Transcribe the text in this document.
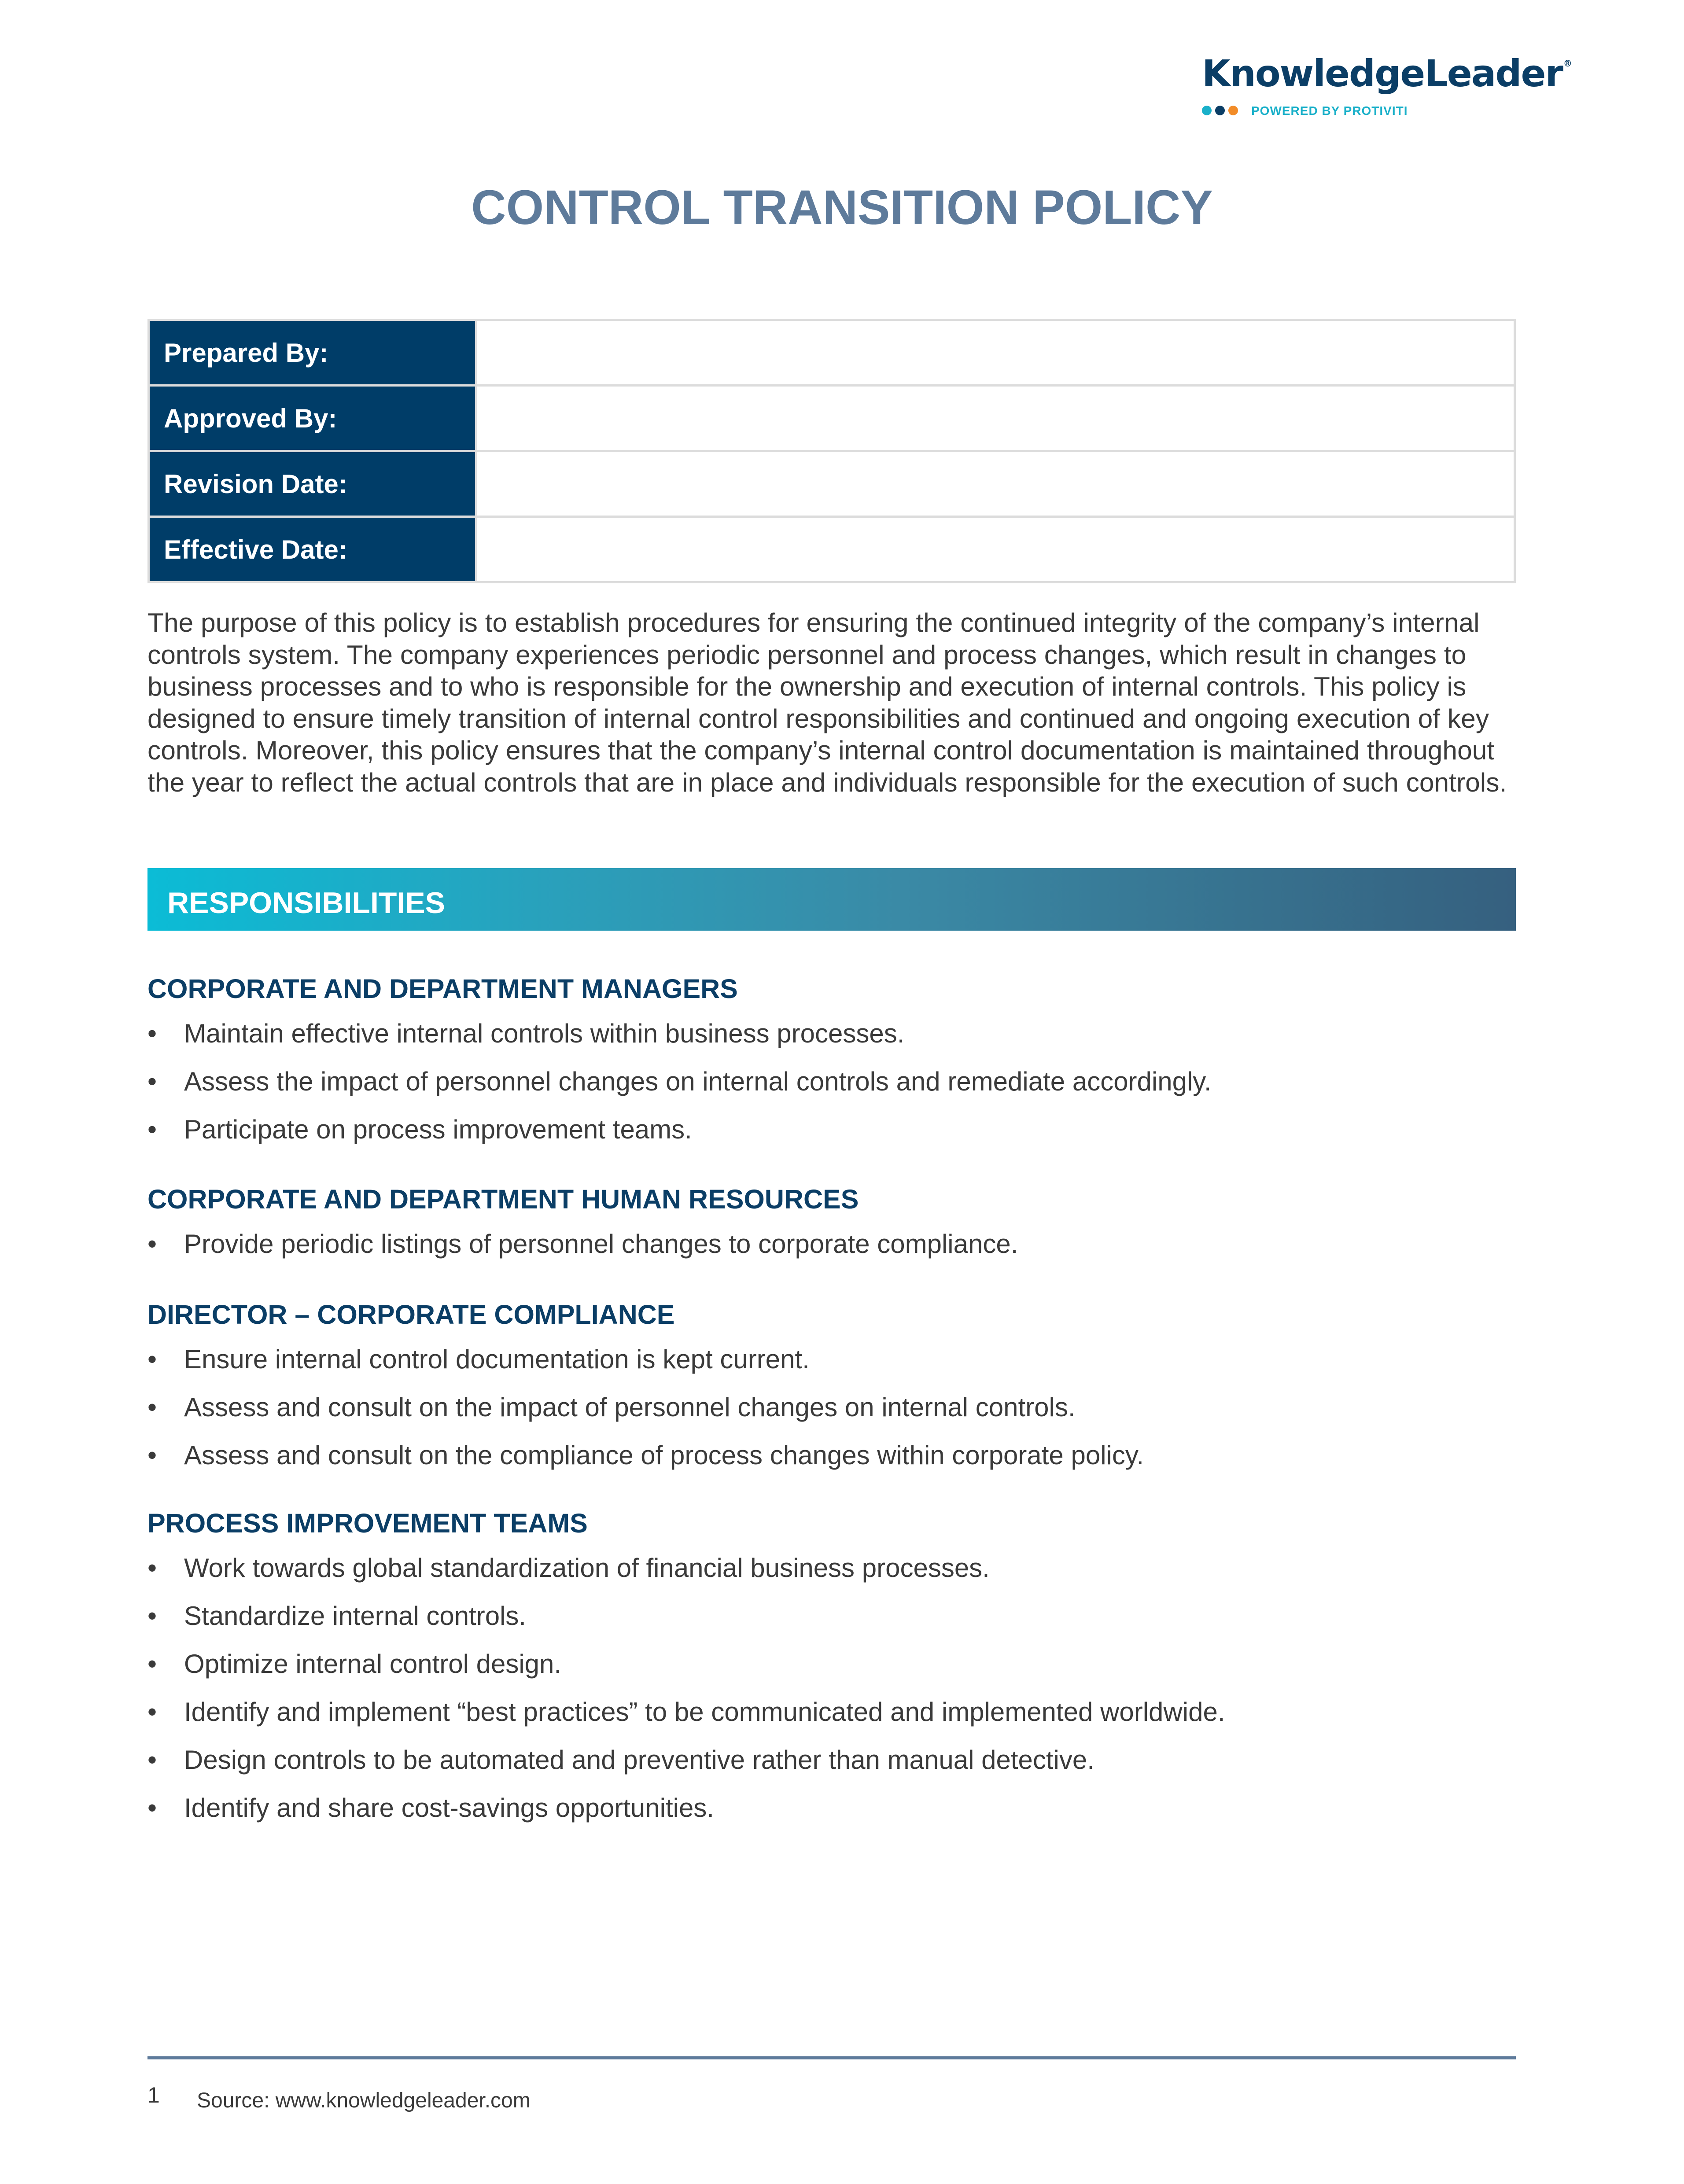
KnowledgeLeader ®
POWERED BY PROTIVITI
CONTROL TRANSITION POLICY
Prepared By:	
Approved By:	
Revision Date:	
Effective Date:	

The purpose of this policy is to establish procedures for ensuring the continued integrity of the company’s internal controls system. The company experiences periodic personnel and process changes, which result in changes to business processes and to who is responsible for the ownership and execution of internal controls. This policy is designed to ensure timely transition of internal control responsibilities and continued and ongoing execution of key controls. Moreover, this policy ensures that the company’s internal control documentation is maintained throughout the year to reflect the actual controls that are in place and individuals responsible for the execution of such controls.

RESPONSIBILITIES
CORPORATE AND DEPARTMENT MANAGERS
• Maintain effective internal controls within business processes.
• Assess the impact of personnel changes on internal controls and remediate accordingly.
• Participate on process improvement teams.
CORPORATE AND DEPARTMENT HUMAN RESOURCES
• Provide periodic listings of personnel changes to corporate compliance.
DIRECTOR – CORPORATE COMPLIANCE
• Ensure internal control documentation is kept current.
• Assess and consult on the impact of personnel changes on internal controls.
• Assess and consult on the compliance of process changes within corporate policy.
PROCESS IMPROVEMENT TEAMS
• Work towards global standardization of financial business processes.
• Standardize internal controls.
• Optimize internal control design.
• Identify and implement “best practices” to be communicated and implemented worldwide.
• Design controls to be automated and preventive rather than manual detective.
• Identify and share cost-savings opportunities.
1 Source: www.knowledgeleader.com
